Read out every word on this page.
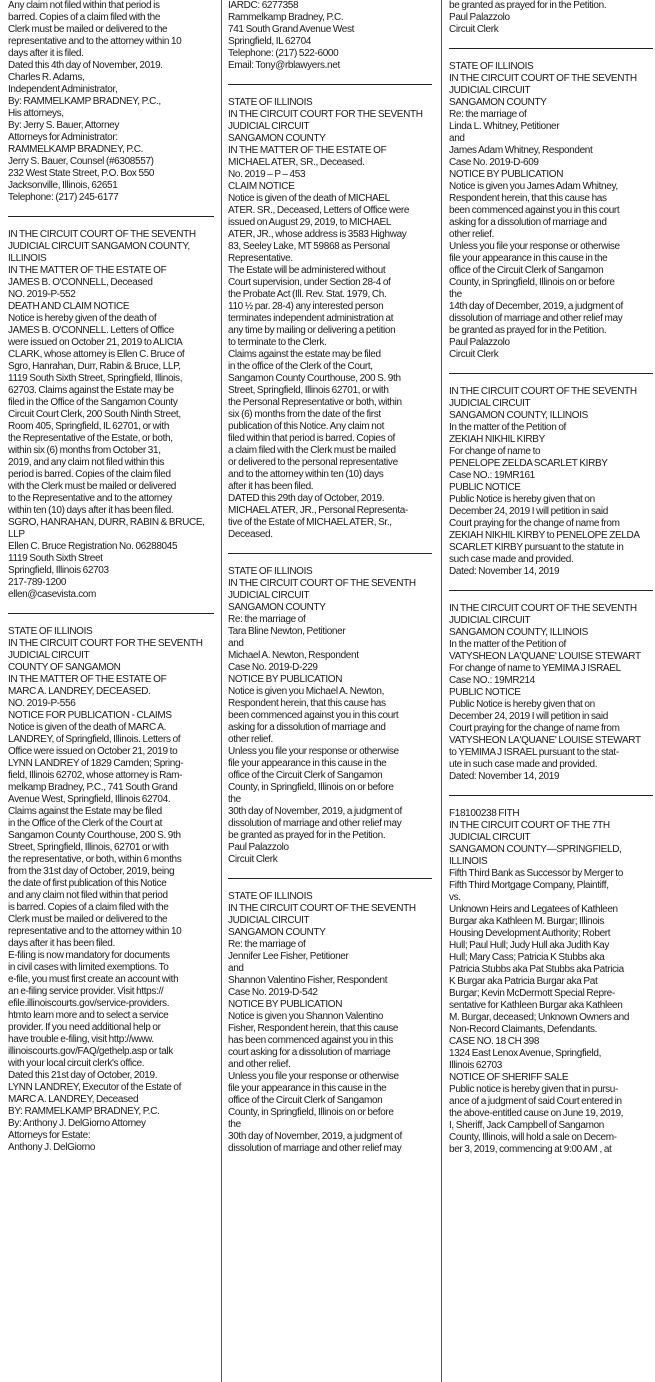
Any claim not filed within that period is
barred. Copies of a claim filed with the
Clerk must be mailed or delivered to the
representative and to the attorney within 10
days after it is filed.
Dated this 4th day of November, 2019.
Charles R. Adams,
Independent Administrator,
By: RAMMELKAMP BRADNEY, P.C.,
His attorneys,
By: Jerry S. Bauer, Attorney
Attorneys for Administrator:
RAMMELKAMP BRADNEY, P.C.
Jerry S. Bauer, Counsel (#6308557)
232 West State Street, P.O. Box 550
Jacksonville, Illinois, 62651
Telephone: (217) 245-6177
IN THE CIRCUIT COURT OF THE SEVENTH
JUDICIAL CIRCUIT SANGAMON COUNTY,
ILLINOIS
IN THE MATTER OF THE ESTATE OF
JAMES B. O'CONNELL, Deceased
NO. 2019-P-552
DEATH AND CLAIM NOTICE
Notice is hereby given of the death of
JAMES B. O'CONNELL. Letters of Office
were issued on October 21, 2019 to ALICIA
CLARK, whose attorney is Ellen C. Bruce of
Sgro, Hanrahan, Durr, Rabin & Bruce, LLP,
1119 South Sixth Street, Springfield, Illinois,
62703. Claims against the Estate may be
filed in the Office of the Sangamon County
Circuit Court Clerk, 200 South Ninth Street,
Room 405, Springfield, IL 62701, or with
the Representative of the Estate, or both,
within six (6) months from October 31,
2019, and any claim not filed within this
period is barred. Copies of the claim filed
with the Clerk must be mailed or delivered
to the Representative and to the attorney
within ten (10) days after it has been filed.
SGRO, HANRAHAN, DURR, RABIN & BRUCE,
LLP
Ellen C. Bruce Registration No. 06288045
1119 South Sixth Street
Springfield, Illinois 62703
217-789-1200
ellen@casevista.com
STATE OF ILLINOIS
IN THE CIRCUIT COURT FOR THE SEVENTH
JUDICIAL CIRCUIT
COUNTY OF SANGAMON
IN THE MATTER OF THE ESTATE OF
MARC A. LANDREY, DECEASED.
NO. 2019-P-556
NOTICE FOR PUBLICATION - CLAIMS
Notice is given of the death of MARC A.
LANDREY, of Springfield, Illinois. Letters of
Office were issued on October 21, 2019 to
LYNN LANDREY of 1829 Camden; Spring-
field, Illinois 62702, whose attorney is Ram-
melkamp Bradney, P.C., 741 South Grand
Avenue West, Springfield, Illinois 62704.
Claims against the Estate may be filed
in the Office of the Clerk of the Court at
Sangamon County Courthouse, 200 S. 9th
Street, Springfield, Illinois, 62701 or with
the representative, or both, within 6 months
from the 31st day of October, 2019, being
the date of first publication of this Notice
and any claim not filed within that period
is barred. Copies of a claim filed with the
Clerk must be mailed or delivered to the
representative and to the attorney within 10
days after it has been filed.
E-filing is now mandatory for documents
in civil cases with limited exemptions. To
e-file, you must first create an account with
an e-filing service provider. Visit https://
efile.illinoiscourts.gov/service-providers.
htmto learn more and to select a service
provider. If you need additional help or
have trouble e-filing, visit http://www.
illinoiscourts.gov/FAQ/gethelp.asp or talk
with your local circuit clerk's office.
Dated this 21st day of October, 2019.
LYNN LANDREY, Executor of the Estate of
MARC A. LANDREY, Deceased
BY: RAMMELKAMP BRADNEY, P.C.
By: Anthony J. DelGiorno Attorney
Attorneys for Estate:
Anthony J. DelGiorno
IARDC: 6277358
Rammelkamp Bradney, P.C.
741 South Grand Avenue West
Springfield, IL 62704
Telephone: (217) 522-6000
Email: Tony@rblawyers.net
STATE OF ILLINOIS
IN THE CIRCUIT COURT FOR THE SEVENTH
JUDICIAL CIRCUIT
SANGAMON COUNTY
IN THE MATTER OF THE ESTATE OF
MICHAEL ATER, SR., Deceased.
No. 2019 – P – 453
CLAIM NOTICE
Notice is given of the death of MICHAEL
ATER. SR., Deceased, Letters of Office were
issued on August 29, 2019, to MICHAEL
ATER, JR., whose address is 3583 Highway
83, Seeley Lake, MT 59868 as Personal
Representative.
The Estate will be administered without
Court supervision, under Section 28-4 of
the Probate Act (Ill. Rev. Stat. 1979, Ch.
110 ½ par. 28-4) any interested person
terminates independent administration at
any time by mailing or delivering a petition
to terminate to the Clerk.
Claims against the estate may be filed
in the office of the Clerk of the Court,
Sangamon County Courthouse, 200 S. 9th
Street, Springfield, Illinois 62701, or with
the Personal Representative or both, within
six (6) months from the date of the first
publication of this Notice. Any claim not
filed within that period is barred. Copies of
a claim filed with the Clerk must be mailed
or delivered to the personal representative
and to the attorney within ten (10) days
after it has been filed.
DATED this 29th day of October, 2019.
MICHAEL ATER, JR., Personal Representa-
tive of the Estate of MICHAEL ATER, Sr.,
Deceased.
STATE OF ILLINOIS
IN THE CIRCUIT COURT OF THE SEVENTH
JUDICIAL CIRCUIT
SANGAMON COUNTY
Re: the marriage of
Tara Bline Newton, Petitioner
and
Michael A. Newton, Respondent
Case No. 2019-D-229
NOTICE BY PUBLICATION
Notice is given you Michael A. Newton,
Respondent herein, that this cause has
been commenced against you in this court
asking for a dissolution of marriage and
other relief.
Unless you file your response or otherwise
file your appearance in this cause in the
office of the Circuit Clerk of Sangamon
County, in Springfield, Illinois on or before
the
30th day of November, 2019, a judgment of
dissolution of marriage and other relief may
be granted as prayed for in the Petition.
Paul Palazzolo
Circuit Clerk
STATE OF ILLINOIS
IN THE CIRCUIT COURT OF THE SEVENTH
JUDICIAL CIRCUIT
SANGAMON COUNTY
Re: the marriage of
Jennifer Lee Fisher, Petitioner
and
Shannon Valentino Fisher, Respondent
Case No. 2019-D-542
NOTICE BY PUBLICATION
Notice is given you Shannon Valentino
Fisher, Respondent herein, that this cause
has been commenced against you in this
court asking for a dissolution of marriage
and other relief.
Unless you file your response or otherwise
file your appearance in this cause in the
office of the Circuit Clerk of Sangamon
County, in Springfield, Illinois on or before
the
30th day of November, 2019, a judgment of
dissolution of marriage and other relief may
be granted as prayed for in the Petition.
Paul Palazzolo
Circuit Clerk
STATE OF ILLINOIS
IN THE CIRCUIT COURT OF THE SEVENTH
JUDICIAL CIRCUIT
SANGAMON COUNTY
Re: the marriage of
Linda L. Whitney, Petitioner
and
James Adam Whitney, Respondent
Case No. 2019-D-609
NOTICE BY PUBLICATION
Notice is given you James Adam Whitney,
Respondent herein, that this cause has
been commenced against you in this court
asking for a dissolution of marriage and
other relief.
Unless you file your response or otherwise
file your appearance in this cause in the
office of the Circuit Clerk of Sangamon
County, in Springfield, Illinois on or before
the
14th day of December, 2019, a judgment of
dissolution of marriage and other relief may
be granted as prayed for in the Petition.
Paul Palazzolo
Circuit Clerk
IN THE CIRCUIT COURT OF THE SEVENTH
JUDICIAL CIRCUIT
SANGAMON COUNTY, ILLINOIS
In the matter of the Petition of
ZEKIAH NIKHIL KIRBY
For change of name to
PENELOPE ZELDA SCARLET KIRBY
Case NO.: 19MR161
PUBLIC NOTICE
Public Notice is hereby given that on
December 24, 2019 I will petition in said
Court praying for the change of name from
ZEKIAH NIKHIL KIRBY to PENELOPE ZELDA
SCARLET KIRBY pursuant to the statute in
such case made and provided.
Dated: November 14, 2019
IN THE CIRCUIT COURT OF THE SEVENTH
JUDICIAL CIRCUIT
SANGAMON COUNTY, ILLINOIS
In the matter of the Petition of
VATYSHEON LA'QUANE' LOUISE STEWART
For change of name to YEMIMA J ISRAEL
Case NO.: 19MR214
PUBLIC NOTICE
Public Notice is hereby given that on
December 24, 2019 I will petition in said
Court praying for the change of name from
VATYSHEON LA'QUANE' LOUISE STEWART
to YEMIMA J ISRAEL pursuant to the stat-
ute in such case made and provided.
Dated: November 14, 2019
F18100238 FITH
IN THE CIRCUIT COURT OF THE 7TH
JUDICIAL CIRCUIT
SANGAMON COUNTY—SPRINGFIELD,
ILLINOIS
Fifth Third Bank as Successor by Merger to
Fifth Third Mortgage Company, Plaintiff,
vs.
Unknown Heirs and Legatees of Kathleen
Burgar aka Kathleen M. Burgar; Illinois
Housing Development Authority; Robert
Hull; Paul Hull; Judy Hull aka Judith Kay
Hull; Mary Cass; Patricia K Stubbs aka
Patricia Stubbs aka Pat Stubbs aka Patricia
K Burgar aka Patricia Burgar aka Pat
Burgar; Kevin McDermott Special Repre-
sentative for Kathleen Burgar aka Kathleen
M. Burgar, deceased; Unknown Owners and
Non-Record Claimants, Defendants.
CASE NO. 18 CH 398
1324 East Lenox Avenue, Springfield,
Illinois 62703
NOTICE OF SHERIFF SALE
Public notice is hereby given that in pursu-
ance of a judgment of said Court entered in
the above-entitled cause on June 19, 2019,
I, Sheriff, Jack Campbell of Sangamon
County, Illinois, will hold a sale on Decem-
ber 3, 2019, commencing at 9:00 AM , at
